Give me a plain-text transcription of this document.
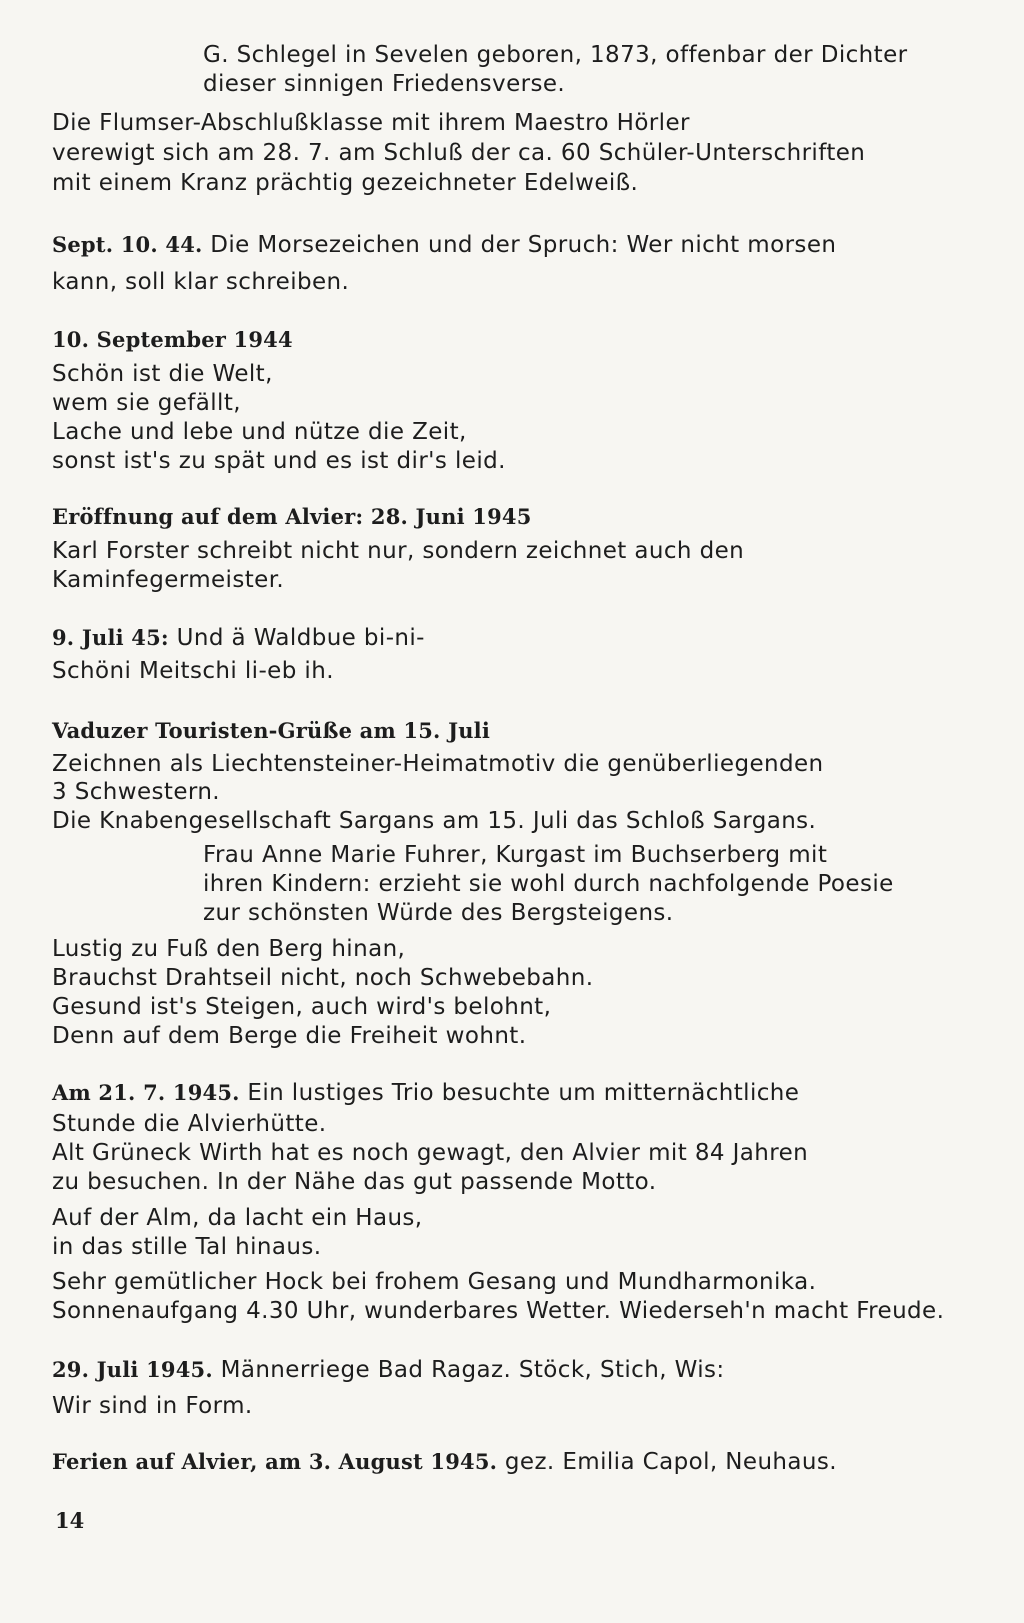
G. Schlegel in Sevelen geboren, 1873, offenbar der Dichter
dieser sinnigen Friedensverse.
Die Flumser-Abschlußklasse mit ihrem Maestro Hörler
verewigt sich am 28. 7. am Schluß der ca. 60 Schüler-Unterschriften
mit einem Kranz prächtig gezeichneter Edelweiß.
Sept. 10. 44. Die Morsezeichen und der Spruch: Wer nicht morsen
kann, soll klar schreiben.
10. September 1944
Schön ist die Welt,
wem sie gefällt,
Lache und lebe und nütze die Zeit,
sonst ist's zu spät und es ist dir's leid.
Eröffnung auf dem Alvier: 28. Juni 1945
Karl Forster schreibt nicht nur, sondern zeichnet auch den
Kaminfegermeister.
9. Juli 45: Und ä Waldbue bi-ni-
Schöni Meitschi li-eb ih.
Vaduzer Touristen-Grüße am 15. Juli
Zeichnen als Liechtensteiner-Heimatmotiv die genüberliegenden
3 Schwestern.
Die Knabengesellschaft Sargans am 15. Juli das Schloß Sargans.
Frau Anne Marie Fuhrer, Kurgast im Buchserberg mit
ihren Kindern: erzieht sie wohl durch nachfolgende Poesie
zur schönsten Würde des Bergsteigens.
Lustig zu Fuß den Berg hinan,
Brauchst Drahtseil nicht, noch Schwebebahn.
Gesund ist's Steigen, auch wird's belohnt,
Denn auf dem Berge die Freiheit wohnt.
Am 21. 7. 1945. Ein lustiges Trio besuchte um mitternächtliche
Stunde die Alvierhütte.
Alt Grüneck Wirth hat es noch gewagt, den Alvier mit 84 Jahren
zu besuchen. In der Nähe das gut passende Motto.
Auf der Alm, da lacht ein Haus,
in das stille Tal hinaus.
Sehr gemütlicher Hock bei frohem Gesang und Mundharmonika.
Sonnenaufgang 4.30 Uhr, wunderbares Wetter. Wiederseh'n macht Freude.
29. Juli 1945. Männerriege Bad Ragaz. Stöck, Stich, Wis:
Wir sind in Form.
Ferien auf Alvier, am 3. August 1945. gez. Emilia Capol, Neuhaus.
14
